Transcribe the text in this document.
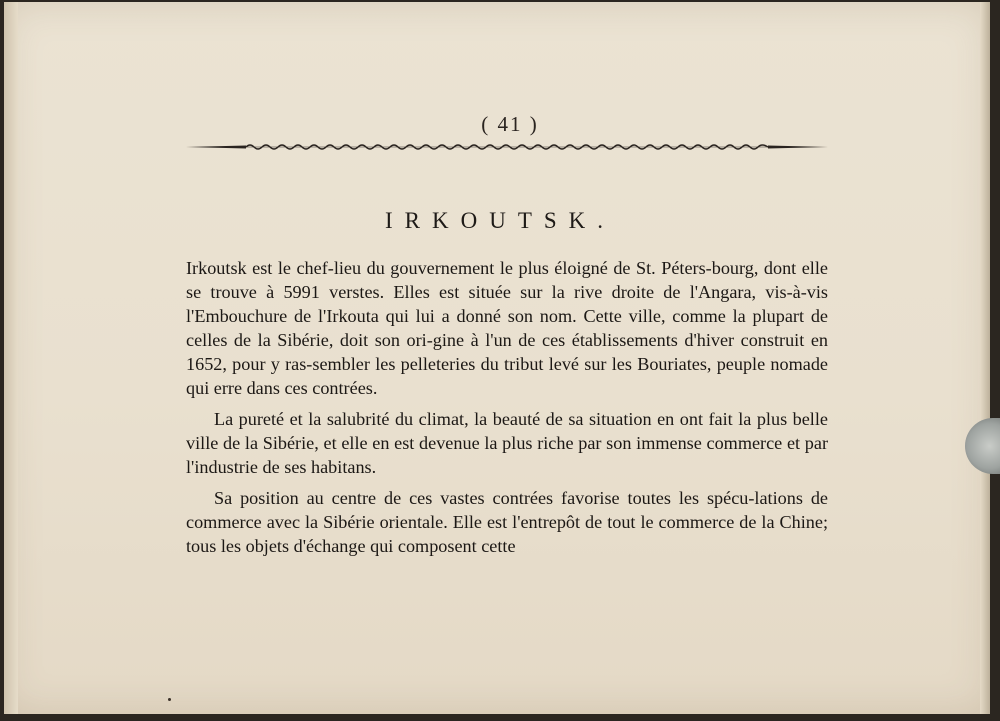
( 41 )
IRKOUTSK.

Irkoutsk est le chef-lieu du gouvernement le plus éloigné de St. Péters-bourg, dont elle se trouve à 5991 verstes. Elles est située sur la rive droite de l'Angara, vis-à-vis l'Embouchure de l'Irkouta qui lui a donné son nom. Cette ville, comme la plupart de celles de la Sibérie, doit son ori-gine à l'un de ces établissements d'hiver construit en 1652, pour y ras-sembler les pelleteries du tribut levé sur les Bouriates, peuple nomade qui erre dans ces contrées.

La pureté et la salubrité du climat, la beauté de sa situation en ont fait la plus belle ville de la Sibérie, et elle en est devenue la plus riche par son immense commerce et par l'industrie de ses habitans.

Sa position au centre de ces vastes contrées favorise toutes les spécu-lations de commerce avec la Sibérie orientale. Elle est l'entrepôt de tout le commerce de la Chine; tous les objets d'échange qui composent cette
